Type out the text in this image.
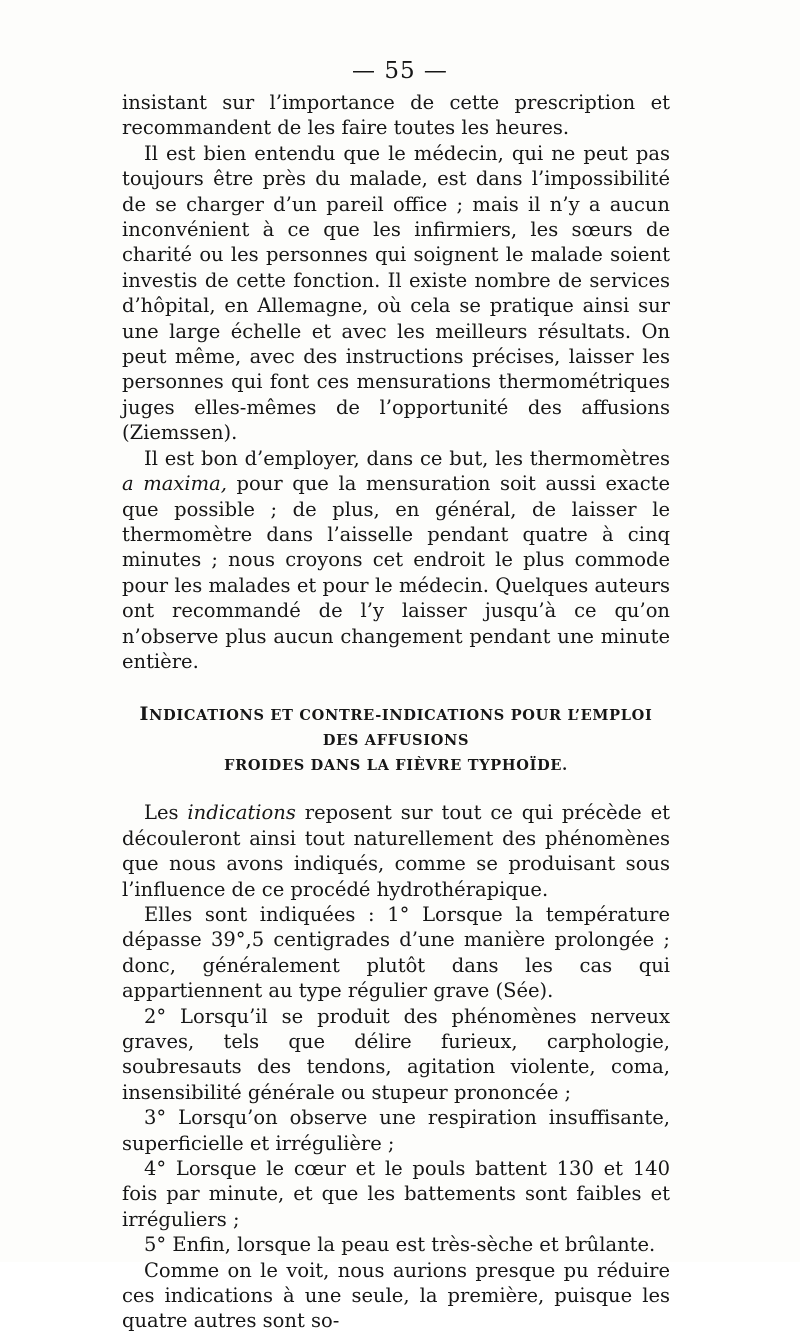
— 55 —

insistant sur l’importance de cette prescription et recommandent de les faire toutes les heures.

Il est bien entendu que le médecin, qui ne peut pas toujours être près du malade, est dans l’impossibilité de se charger d’un pareil office ; mais il n’y a aucun inconvénient à ce que les infirmiers, les sœurs de charité ou les personnes qui soignent le malade soient investis de cette fonction. Il existe nombre de services d’hôpital, en Allemagne, où cela se pratique ainsi sur une large échelle et avec les meilleurs résultats. On peut même, avec des instructions précises, laisser les personnes qui font ces mensurations thermométriques juges elles-mêmes de l’opportunité des affusions (Ziemssen).

Il est bon d’employer, dans ce but, les thermomètres a maxima, pour que la mensuration soit aussi exacte que possible ; de plus, en général, de laisser le thermomètre dans l’aisselle pendant quatre à cinq minutes ; nous croyons cet endroit le plus commode pour les malades et pour le médecin. Quelques auteurs ont recommandé de l’y laisser jusqu’à ce qu’on n’observe plus aucun changement pendant une minute entière.

INDICATIONS ET CONTRE-INDICATIONS POUR L’EMPLOI DES AFFUSIONS

FROIDES DANS LA FIÈVRE TYPHOÏDE.

Les indications reposent sur tout ce qui précède et découleront ainsi tout naturellement des phénomènes que nous avons indiqués, comme se produisant sous l’influence de ce procédé hydrothérapique.

Elles sont indiquées : 1° Lorsque la température dépasse 39°,5 centigrades d’une manière prolongée ; donc, généralement plutôt dans les cas qui appartiennent au type régulier grave (Sée).

2° Lorsqu’il se produit des phénomènes nerveux graves, tels que délire furieux, carphologie, soubresauts des tendons, agitation violente, coma, insensibilité générale ou stupeur prononcée ;

3° Lorsqu’on observe une respiration insuffisante, superficielle et irrégulière ;

4° Lorsque le cœur et le pouls battent 130 et 140 fois par minute, et que les battements sont faibles et irréguliers ;

5° Enfin, lorsque la peau est très-sèche et brûlante.

Comme on le voit, nous aurions presque pu réduire ces indications à une seule, la première, puisque les quatre autres sont so-
